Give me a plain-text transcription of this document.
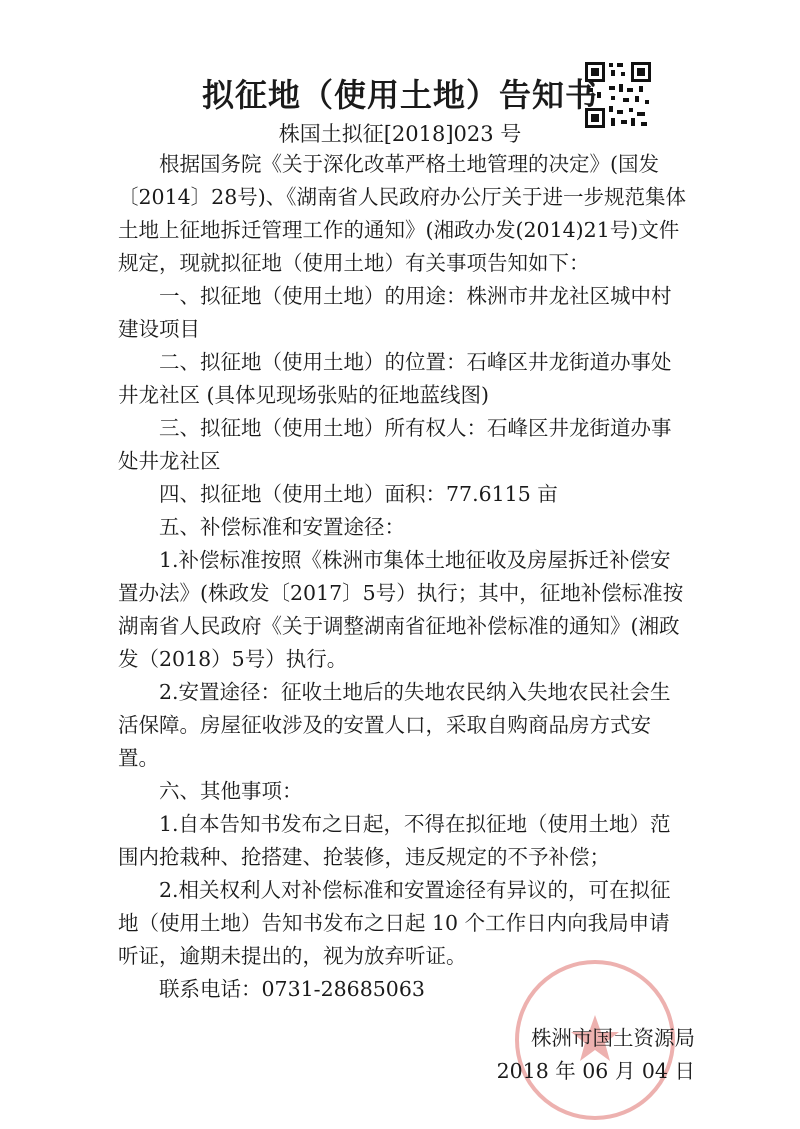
拟征地（使用土地）告知书
株国土拟征[2018]023 号

根据国务院《关于深化改革严格土地管理的决定》(国发〔2014〕28号)、《湖南省人民政府办公厅关于进一步规范集体土地上征地拆迁管理工作的通知》(湘政办发(2014)21号)文件规定，现就拟征地（使用土地）有关事项告知如下：

一、拟征地（使用土地）的用途：株洲市井龙社区城中村建设项目

二、拟征地（使用土地）的位置：石峰区井龙街道办事处井龙社区 (具体见现场张贴的征地蓝线图)

三、拟征地（使用土地）所有权人：石峰区井龙街道办事处井龙社区

四、拟征地（使用土地）面积：77.6115 亩

五、补偿标准和安置途径：

1.补偿标准按照《株洲市集体土地征收及房屋拆迁补偿安置办法》(株政发〔2017〕5号）执行；其中，征地补偿标准按湖南省人民政府《关于调整湖南省征地补偿标准的通知》(湘政发（2018）5号）执行。

2.安置途径：征收土地后的失地农民纳入失地农民社会生活保障。房屋征收涉及的安置人口，采取自购商品房方式安置。

六、其他事项：

1.自本告知书发布之日起，不得在拟征地（使用土地）范围内抢栽种、抢搭建、抢装修，违反规定的不予补偿；

2.相关权利人对补偿标准和安置途径有异议的，可在拟征地（使用土地）告知书发布之日起 10 个工作日内向我局申请听证，逾期未提出的，视为放弃听证。

联系电话：0731-28685063

株洲市国土资源局
2018 年 06 月 04 日
